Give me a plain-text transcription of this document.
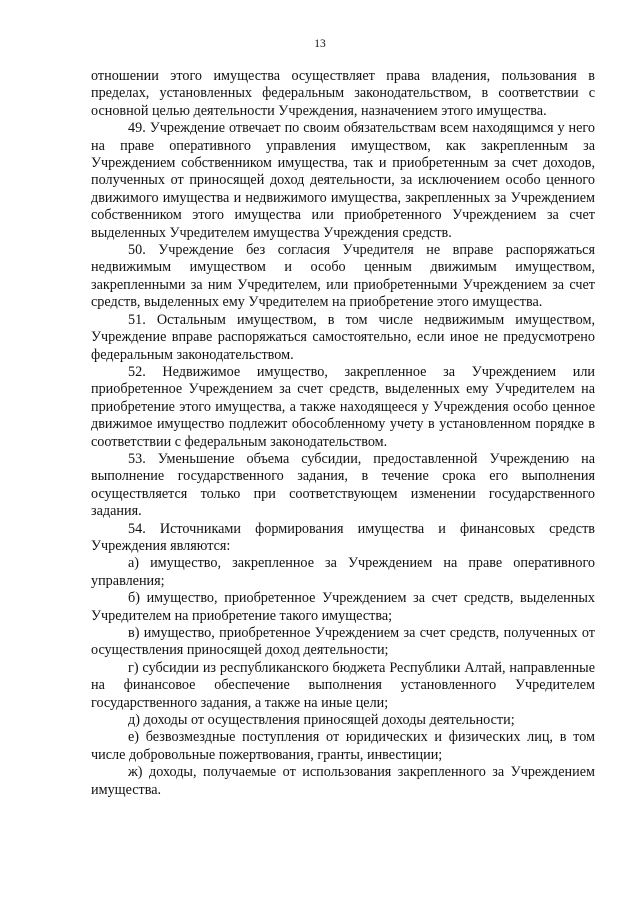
13

отношении этого имущества осуществляет права владения, пользования в пределах, установленных федеральным законодательством, в соответствии с основной целью деятельности Учреждения, назначением этого имущества.

49. Учреждение отвечает по своим обязательствам всем находящимся у него на праве оперативного управления имуществом, как закрепленным за Учреждением собственником имущества, так и приобретенным за счет доходов, полученных от приносящей доход деятельности, за исключением особо ценного движимого имущества и недвижимого имущества, закрепленных за Учреждением собственником этого имущества или приобретенного Учреждением за счет выделенных Учредителем имущества Учреждения средств.

50. Учреждение без согласия Учредителя не вправе распоряжаться недвижимым имуществом и особо ценным движимым имуществом, закрепленными за ним Учредителем, или приобретенными Учреждением за счет средств, выделенных ему Учредителем на приобретение этого имущества.

51. Остальным имуществом, в том числе недвижимым имуществом, Учреждение вправе распоряжаться самостоятельно, если иное не предусмотрено федеральным законодательством.

52. Недвижимое имущество, закрепленное за Учреждением или приобретенное Учреждением за счет средств, выделенных ему Учредителем на приобретение этого имущества, а также находящееся у Учреждения особо ценное движимое имущество подлежит обособленному учету в установленном порядке в соответствии с федеральным законодательством.

53. Уменьшение объема субсидии, предоставленной Учреждению на выполнение государственного задания, в течение срока его выполнения осуществляется только при соответствующем изменении государственного задания.

54. Источниками формирования имущества и финансовых средств Учреждения являются:

а) имущество, закрепленное за Учреждением на праве оперативного управления;

б) имущество, приобретенное Учреждением за счет средств, выделенных Учредителем на приобретение такого имущества;

в) имущество, приобретенное Учреждением за счет средств, полученных от осуществления приносящей доход деятельности;

г) субсидии из республиканского бюджета Республики Алтай, направленные на финансовое обеспечение выполнения установленного Учредителем государственного задания, а также на иные цели;

д) доходы от осуществления приносящей доходы деятельности;

е) безвозмездные поступления от юридических и физических лиц, в том числе добровольные пожертвования, гранты, инвестиции;

ж) доходы, получаемые от использования закрепленного за Учреждением имущества.
